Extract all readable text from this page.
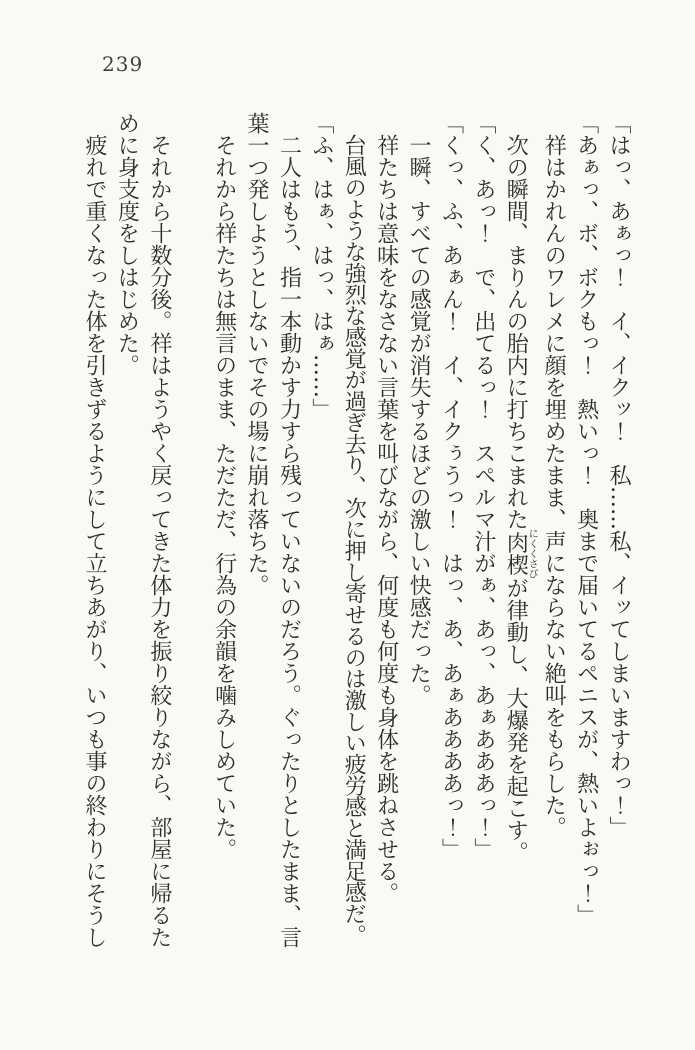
239

「はっ、あぁっ！　イ、イクッ！　私……私、イッてしまいますわっ！」

「あぁっ、ボ、ボクもっ！　熱いっ！　奥まで届いてるペニスが、熱いよぉっ！」

祥はかれんのワレメに顔を埋めたまま、声にならない絶叫をもらした。

次の瞬間、まりんの胎内に打ちこまれた肉楔にくくさびが律動し、大爆発を起こす。

「く、あっ！　で、出てるっ！　スペルマ汁がぁ、あっ、あぁあああっ！」

「くっ、ふ、あぁん！　イ、イクぅうっ！　はっ、あ、あぁああああっ！」

一瞬、すべての感覚が消失するほどの激しい快感だった。

祥たちは意味をなさない言葉を叫びながら、何度も何度も身体を跳ねさせる。

台風のような強烈な感覚が過ぎ去り、次に押し寄せるのは激しい疲労感と満足感だ。

「ふ、はぁ、はっ、はぁ……」

二人はもう、指一本動かす力すら残っていないのだろう。ぐったりとしたまま、言葉一つ発しようとしないでその場に崩れ落ちた。

それから祥たちは無言のまま、ただただ、行為の余韻を噛みしめていた。

それから十数分後。祥はようやく戻ってきた体力を振り絞りながら、部屋に帰るために身支度をしはじめた。

疲れで重くなった体を引きずるようにして立ちあがり、いつも事の終わりにそうし
